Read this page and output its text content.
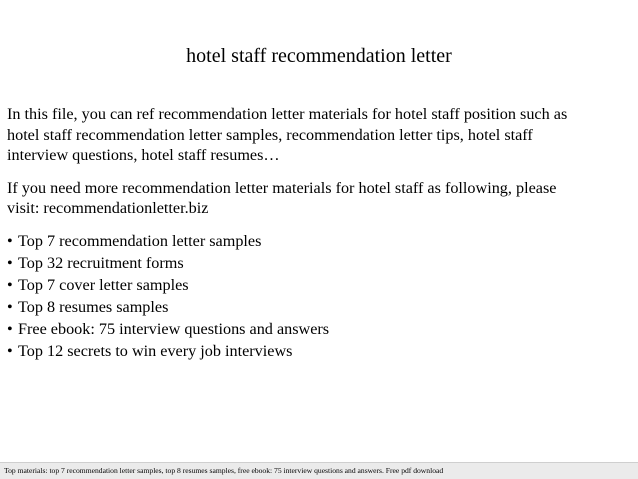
hotel staff recommendation letter

In this file, you can ref recommendation letter materials for hotel staff position such as
hotel staff recommendation letter samples, recommendation letter tips, hotel staff
interview questions, hotel staff resumes…

If you need more recommendation letter materials for hotel staff as following, please
visit: recommendationletter.biz

• Top 7 recommendation letter samples
• Top 32 recruitment forms
• Top 7 cover letter samples
• Top 8 resumes samples
• Free ebook: 75 interview questions and answers
• Top 12 secrets to win every job interviews
Top materials: top 7 recommendation letter samples, top 8 resumes samples, free ebook: 75 interview questions and answers. Free pdf download
